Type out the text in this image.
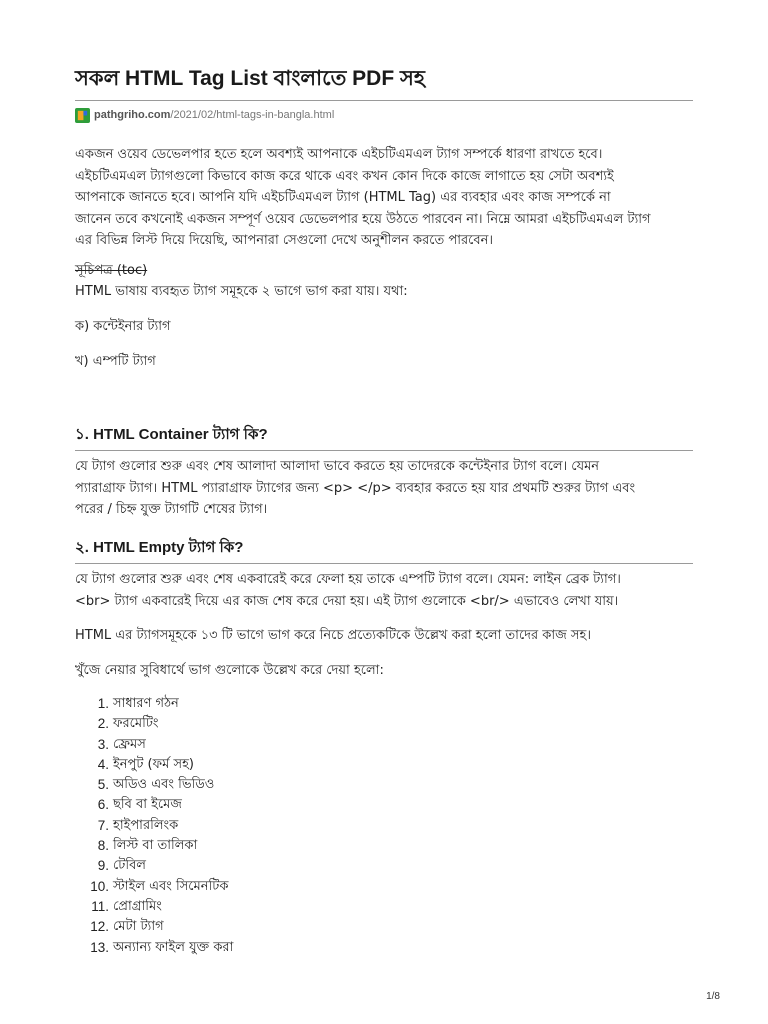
সকল HTML Tag List বাংলাতে PDF সহ
pathgriho.com/2021/02/html-tags-in-bangla.html
একজন ওয়েব ডেভেলপার হতে হলে অবশ্যই আপনাকে এইচটিএমএল ট্যাগ সম্পর্কে ধারণা রাখতে হবে।
এইচটিএমএল ট্যাগগুলো কিভাবে কাজ করে থাকে এবং কখন কোন দিকে কাজে লাগাতে হয় সেটা অবশ্যই
আপনাকে জানতে হবে। আপনি যদি এইচটিএমএল ট্যাগ (HTML Tag) এর ব্যবহার এবং কাজ সম্পর্কে না
জানেন তবে কখনোই একজন সম্পূর্ণ ওয়েব ডেভেলপার হয়ে উঠতে পারবেন না। নিম্নে আমরা এইচটিএমএল ট্যাগ
এর বিভিন্ন লিস্ট দিয়ে দিয়েছি, আপনারা সেগুলো দেখে অনুশীলন করতে পারবেন।
সূচিপত্র (toc)
HTML ভাষায় ব্যবহৃত ট্যাগ সমূহকে ২ ভাগে ভাগ করা যায়। যথা:
ক) কন্টেইনার ট্যাগ
খ) এম্পটি ট্যাগ
১. HTML Container ট্যাগ কি?
যে ট্যাগ গুলোর শুরু এবং শেষ আলাদা আলাদা ভাবে করতে হয় তাদেরকে কন্টেইনার ট্যাগ বলে। যেমন
প্যারাগ্রাফ ট্যাগ। HTML প্যারাগ্রাফ ট্যাগের জন্য <p> </p> ব্যবহার করতে হয় যার প্রথমটি শুরুর ট্যাগ এবং
পরের / চিহ্ন যুক্ত ট্যাগটি শেষের ট্যাগ।
২. HTML Empty ট্যাগ কি?
যে ট্যাগ গুলোর শুরু এবং শেষ একবারেই করে ফেলা হয় তাকে এম্পটি ট্যাগ বলে। যেমন: লাইন ব্রেক ট্যাগ।
<br> ট্যাগ একবারেই দিয়ে এর কাজ শেষ করে দেয়া হয়। এই ট্যাগ গুলোকে <br/> এভাবেও লেখা যায়।
HTML এর ট্যাগসমূহকে ১৩ টি ভাগে ভাগ করে নিচে প্রত্যেকটিকে উল্লেখ করা হলো তাদের কাজ সহ।
খুঁজে নেয়ার সুবিধার্থে ভাগ গুলোকে উল্লেখ করে দেয়া হলো:
1. সাধারণ গঠন
2. ফরমেটিং
3. ফ্রেমস
4. ইনপুট (ফর্ম সহ)
5. অডিও এবং ভিডিও
6. ছবি বা ইমেজ
7. হাইপারলিংক
8. লিস্ট বা তালিকা
9. টেবিল
10. স্টাইল এবং সিমেনটিক
11. প্রোগ্রামিং
12. মেটা ট্যাগ
13. অন্যান্য ফাইল যুক্ত করা
1/8
